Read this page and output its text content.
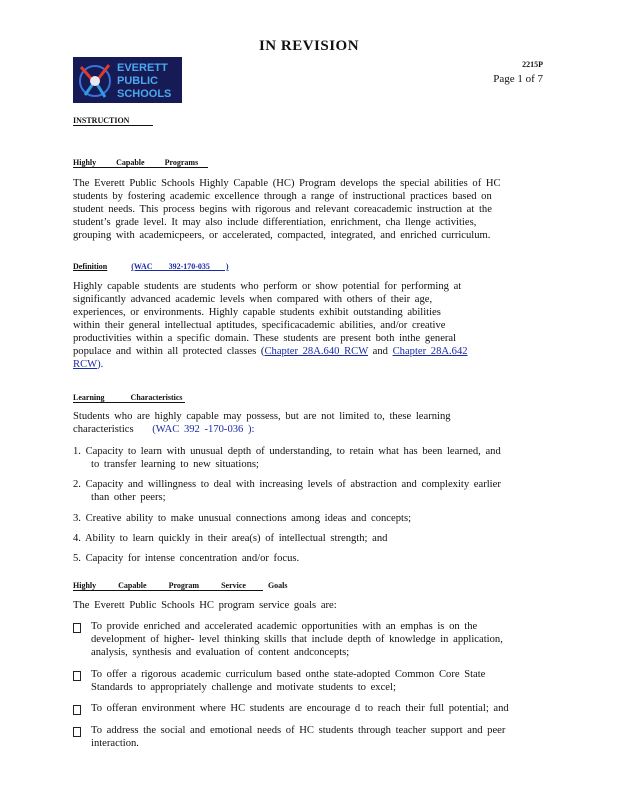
IN REVISION
EVERETT
PUBLIC
SCHOOLS
2215P
Page 1 of 7
INSTRUCTION
Highly Capable Programs
The Everett Public Schools Highly Capable (HC) Program develops the special abilities of HC
students by fostering academic excellence through a range of instructional practices based on
student needs. This process begins with rigorous and relevant coreacademic instruction at the
student’s grade level. It may also include differentiation, enrichment, cha llenge activities,
grouping with academicpeers, or accelerated, compacted, integrated, and enriched curriculum.
Definition	(WAC 392-170-035 )
Highly capable students are students who perform or show potential for performing at
significantly advanced academic levels when compared with others of their age,
experiences, or environments. Highly capable students exhibit outstanding abilities
within their general intellectual aptitudes, specificacademic abilities, and/or creative
productivities within a specific domain. These students are present both inthe general
populace and within all protected classes (Chapter 28A.640 RCW and Chapter 28A.642
RCW).
Learning Characteristics
Students who are highly capable may possess, but are not limited to, these learning
characteristics (WAC 392 -170-036 ):
1. Capacity to learn with unusual depth of understanding, to retain what has been learned, and
to transfer learning to new situations;
2. Capacity and willingness to deal with increasing levels of abstraction and complexity earlier
than other peers;
3. Creative ability to make unusual connections among ideas and concepts;
4. Ability to learn quickly in their area(s) of intellectual strength; and
5. Capacity for intense concentration and/or focus.
Highly Capable Program Service Goals
The Everett Public Schools HC program service goals are:
To provide enriched and accelerated academic opportunities with an emphas is on the
development of higher- level thinking skills that include depth of knowledge in application,
analysis, synthesis and evaluation of content andconcepts;
To offer a rigorous academic curriculum based onthe state-adopted Common Core State
Standards to appropriately challenge and motivate students to excel;
To offeran environment where HC students are encourage d to reach their full potential; and
To address the social and emotional needs of HC students through teacher support and peer
interaction.
